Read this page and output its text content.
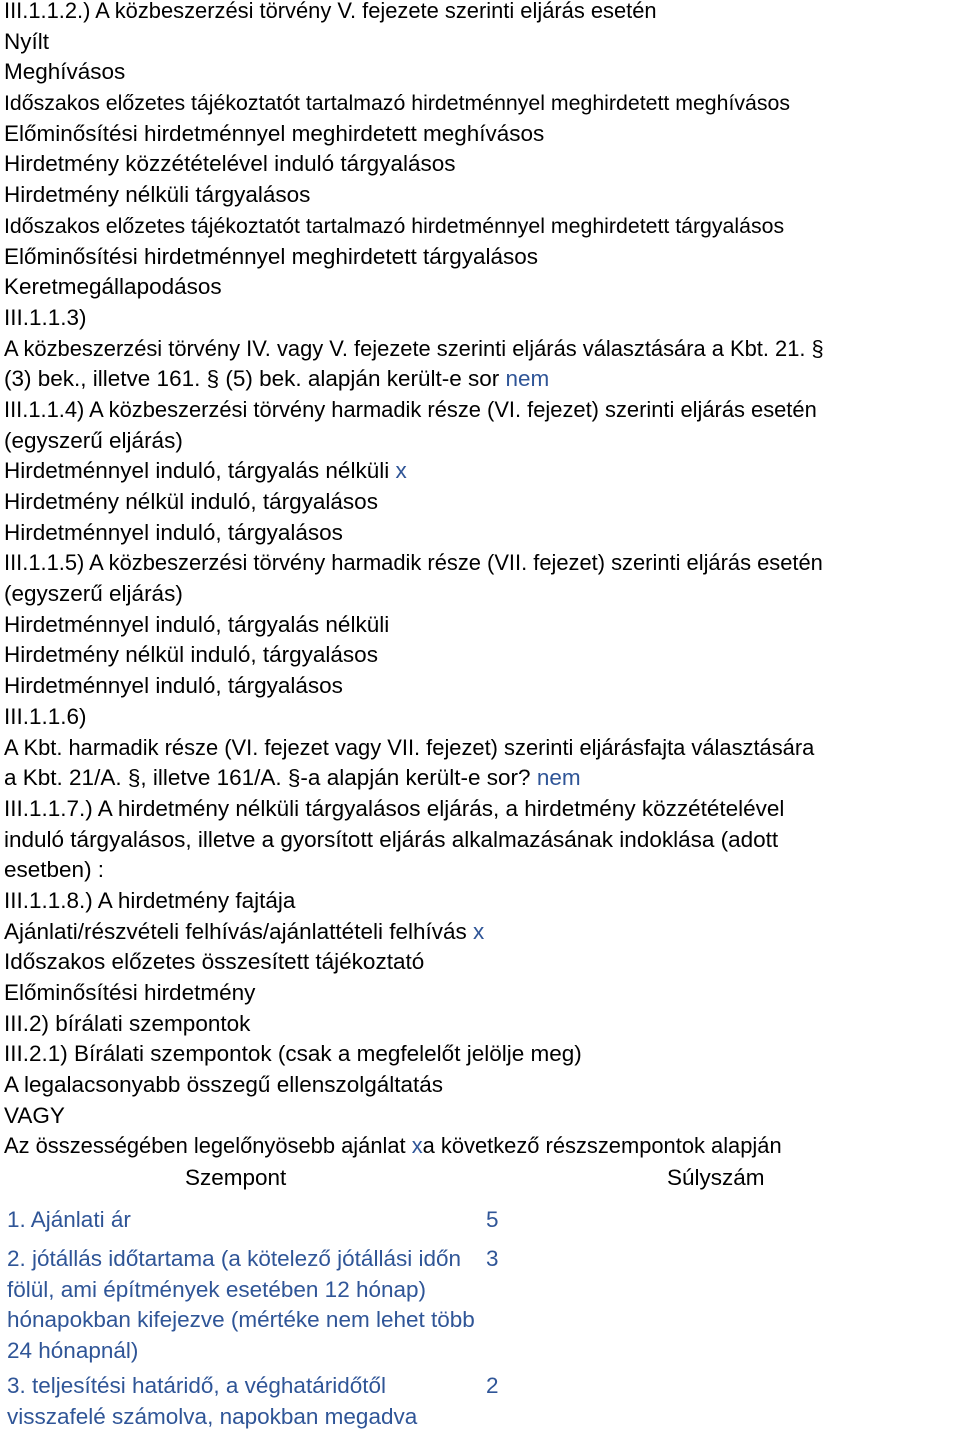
III.1.1.2.) A közbeszerzési törvény V. fejezete szerinti eljárás esetén
Nyílt
Meghívásos
Időszakos előzetes tájékoztatót tartalmazó hirdetménnyel meghirdetett meghívásos
Előminősítési hirdetménnyel meghirdetett meghívásos
Hirdetmény közzétételével induló tárgyalásos
Hirdetmény nélküli tárgyalásos
Időszakos előzetes tájékoztatót tartalmazó hirdetménnyel meghirdetett tárgyalásos
Előminősítési hirdetménnyel meghirdetett tárgyalásos
Keretmegállapodásos
III.1.1.3)
A közbeszerzési törvény IV. vagy V. fejezete szerinti eljárás választására a Kbt. 21. §
(3) bek., illetve 161. § (5) bek. alapján került-e sor nem
III.1.1.4) A közbeszerzési törvény harmadik része (VI. fejezet) szerinti eljárás esetén
(egyszerű eljárás)
Hirdetménnyel induló, tárgyalás nélküli x
Hirdetmény nélkül induló, tárgyalásos
Hirdetménnyel induló, tárgyalásos
III.1.1.5) A közbeszerzési törvény harmadik része (VII. fejezet) szerinti eljárás esetén
(egyszerű eljárás)
Hirdetménnyel induló, tárgyalás nélküli
Hirdetmény nélkül induló, tárgyalásos
Hirdetménnyel induló, tárgyalásos
III.1.1.6)
A Kbt. harmadik része (VI. fejezet vagy VII. fejezet) szerinti eljárásfajta választására
a Kbt. 21/A. §, illetve 161/A. §-a alapján került-e sor? nem
III.1.1.7.) A hirdetmény nélküli tárgyalásos eljárás, a hirdetmény közzétételével
induló tárgyalásos, illetve a gyorsított eljárás alkalmazásának indoklása (adott
esetben) :
III.1.1.8.) A hirdetmény fajtája
Ajánlati/részvételi felhívás/ajánlattételi felhívás x
Időszakos előzetes összesített tájékoztató
Előminősítési hirdetmény
III.2) bírálati szempontok
III.2.1) Bírálati szempontok (csak a megfelelőt jelölje meg)
A legalacsonyabb összegű ellenszolgáltatás
VAGY
Az összességében legelőnyösebb ajánlat xa következő részszempontok alapján
Szempont	Súlyszám
1. Ajánlati ár	5
2. jótállás időtartama (a kötelező jótállási időn fölül, ami építmények esetében 12 hónap) hónapokban kifejezve (mértéke nem lehet több 24 hónapnál)
3
3. teljesítési határidő, a véghatáridőtől visszafelé számolva, napokban megadva
2
